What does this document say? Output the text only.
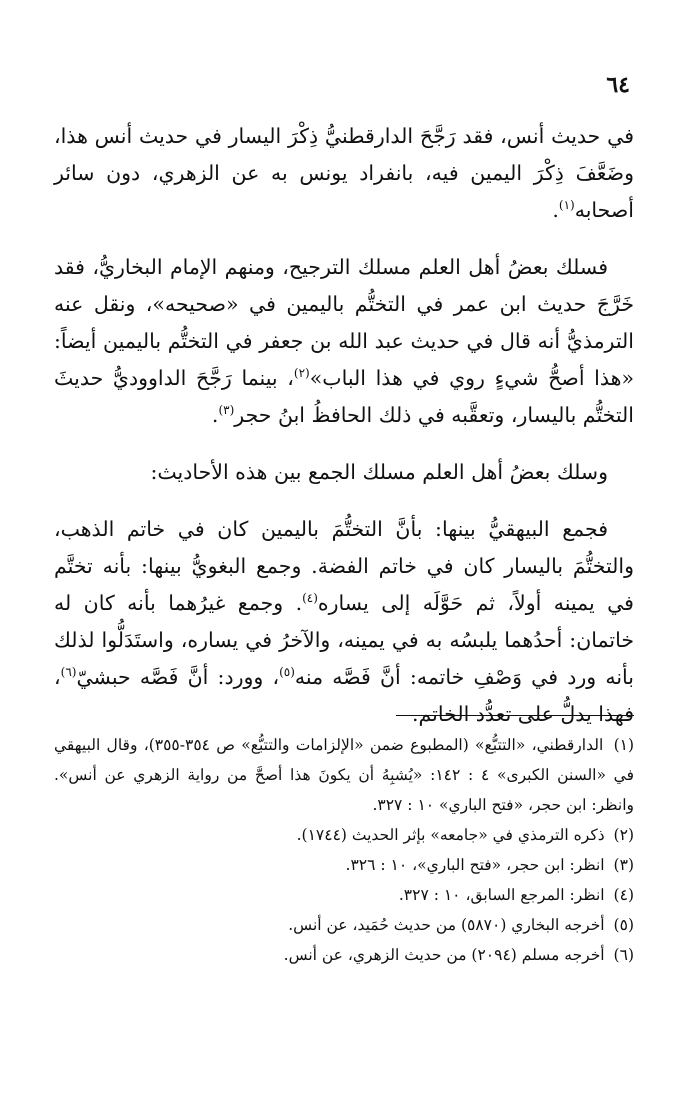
٦٤

في حديث أنس، فقد رَجَّحَ الدارقطنيُّ ذِكْرَ اليسار في حديث أنس هذا، وضَعَّفَ ذِكْرَ اليمين فيه، بانفراد يونس به عن الزهري، دون سائر أصحابه$^{(١)}$.

فسلك بعضُ أهل العلم مسلك الترجيح، ومنهم الإمام البخاريُّ، فقد خَرَّجَ حديث ابن عمر في التختُّم باليمين في «صحيحه»، ونقل عنه الترمذيُّ أنه قال في حديث عبد الله بن جعفر في التختُّم باليمين أيضاً: «هذا أصحُّ شيءٍ روي في هذا الباب»$^{(٢)}$، بينما رَجَّحَ الداووديُّ حديثَ التختُّم باليسار، وتعقَّبه في ذلك الحافظُ ابنُ حجر$^{(٣)}$.

وسلك بعضُ أهل العلم مسلك الجمع بين هذه الأحاديث:

فجمع البيهقيُّ بينها: بأنَّ التختُّمَ باليمين كان في خاتم الذهب، والتختُّمَ باليسار كان في خاتم الفضة. وجمع البغويُّ بينها: بأنه تختَّم في يمينه أولاً، ثم حَوَّلَه إلى يساره$^{(٤)}$. وجمع غيرُهما بأنه كان له خاتمان: أحدُهما يلبسُه به في يمينه، والآخرُ في يساره، واستَدَلُّوا لذلك بأنه ورد في وَصْفِ خاتمه: أنَّ فَصَّه منه$^{(٥)}$، وورد: أنَّ فَصَّه حبشيّ$^{(٦)}$، فهذا يدلُّ على تعدُّد الخاتم.

(١) الدارقطني، «التتبُّع» (المطبوع ضمن «الإلزامات والتتبُّع» ص ٣٥٤-٣٥٥)، وقال البيهقي في «السنن الكبرى» ٤ : ١٤٢: «يُشبِهُ أن يكونَ هذا أصحَّ من رواية الزهري عن أنس». وانظر: ابن حجر، «فتح الباري» ١٠ : ٣٢٧.

(٢) ذكره الترمذي في «جامعه» بإثر الحديث (١٧٤٤).

(٣) انظر: ابن حجر، «فتح الباري»، ١٠ : ٣٢٦.

(٤) انظر: المرجع السابق، ١٠ : ٣٢٧.

(٥) أخرجه البخاري (٥٨٧٠) من حديث حُمَيد، عن أنس.

(٦) أخرجه مسلم (٢٠٩٤) من حديث الزهري، عن أنس.
